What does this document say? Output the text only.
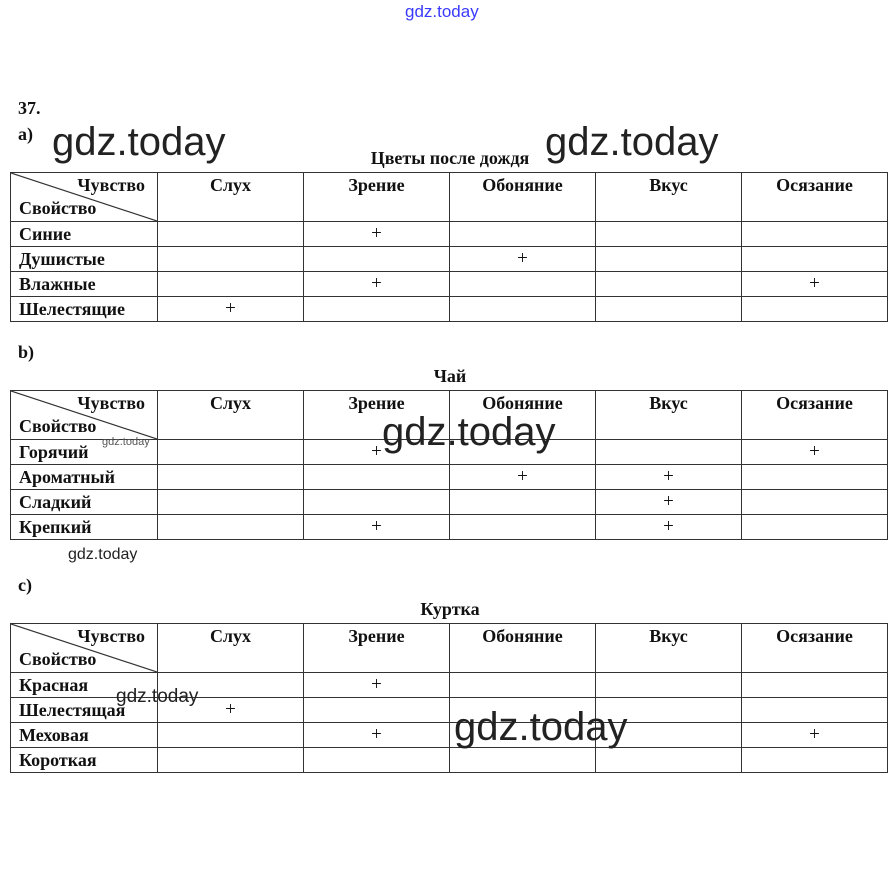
gdz.today
37.
a)
Цветы после дождя
Чувство
Свойство	Слух	Зрение	Обоняние	Вкус	Осязание
Синие		+			
Душистые			+		
Влажные		+			+
Шелестящие	+				
b)
Чай
Чувство
Свойство	Слух	Зрение	Обоняние	Вкус	Осязание
Горячий		+			+
Ароматный			+	+	
Сладкий				+	
Крепкий		+		+	
c)
Куртка
Чувство
Свойство	Слух	Зрение	Обоняние	Вкус	Осязание
Красная		+			
Шелестящая	+				
Меховая		+			+
Короткая					
gdz.today	gdz.today
gdz.today
gdz.today
gdz.today
gdz.today
gdz.today
